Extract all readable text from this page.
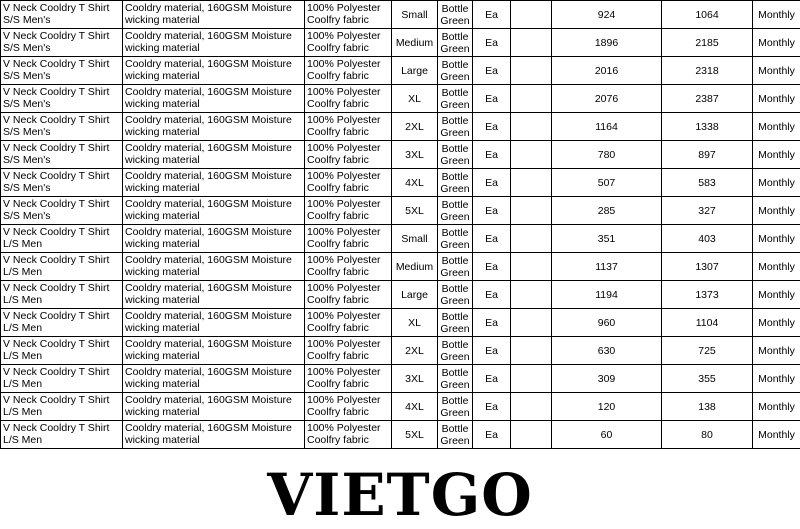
V Neck Cooldry T Shirt S/S Men's	Cooldry material, 160GSM Moisture wicking material	100% Polyester Coolfry fabric	Small	Bottle Green	Ea		924	1064	Monthly
V Neck Cooldry T Shirt S/S Men's	Cooldry material, 160GSM Moisture wicking material	100% Polyester Coolfry fabric	Medium	Bottle Green	Ea		1896	2185	Monthly
V Neck Cooldry T Shirt S/S Men's	Cooldry material, 160GSM Moisture wicking material	100% Polyester Coolfry fabric	Large	Bottle Green	Ea		2016	2318	Monthly
V Neck Cooldry T Shirt S/S Men's	Cooldry material, 160GSM Moisture wicking material	100% Polyester Coolfry fabric	XL	Bottle Green	Ea		2076	2387	Monthly
V Neck Cooldry T Shirt S/S Men's	Cooldry material, 160GSM Moisture wicking material	100% Polyester Coolfry fabric	2XL	Bottle Green	Ea		1164	1338	Monthly
V Neck Cooldry T Shirt S/S Men's	Cooldry material, 160GSM Moisture wicking material	100% Polyester Coolfry fabric	3XL	Bottle Green	Ea		780	897	Monthly
V Neck Cooldry T Shirt S/S Men's	Cooldry material, 160GSM Moisture wicking material	100% Polyester Coolfry fabric	4XL	Bottle Green	Ea		507	583	Monthly
V Neck Cooldry T Shirt S/S Men's	Cooldry material, 160GSM Moisture wicking material	100% Polyester Coolfry fabric	5XL	Bottle Green	Ea		285	327	Monthly
V Neck Cooldry T Shirt L/S Men	Cooldry material, 160GSM Moisture wicking material	100% Polyester Coolfry fabric	Small	Bottle Green	Ea		351	403	Monthly
V Neck Cooldry T Shirt L/S Men	Cooldry material, 160GSM Moisture wicking material	100% Polyester Coolfry fabric	Medium	Bottle Green	Ea		1137	1307	Monthly
V Neck Cooldry T Shirt L/S Men	Cooldry material, 160GSM Moisture wicking material	100% Polyester Coolfry fabric	Large	Bottle Green	Ea		1194	1373	Monthly
V Neck Cooldry T Shirt L/S Men	Cooldry material, 160GSM Moisture wicking material	100% Polyester Coolfry fabric	XL	Bottle Green	Ea		960	1104	Monthly
V Neck Cooldry T Shirt L/S Men	Cooldry material, 160GSM Moisture wicking material	100% Polyester Coolfry fabric	2XL	Bottle Green	Ea		630	725	Monthly
V Neck Cooldry T Shirt L/S Men	Cooldry material, 160GSM Moisture wicking material	100% Polyester Coolfry fabric	3XL	Bottle Green	Ea		309	355	Monthly
V Neck Cooldry T Shirt L/S Men	Cooldry material, 160GSM Moisture wicking material	100% Polyester Coolfry fabric	4XL	Bottle Green	Ea		120	138	Monthly
V Neck Cooldry T Shirt L/S Men	Cooldry material, 160GSM Moisture wicking material	100% Polyester Coolfry fabric	5XL	Bottle Green	Ea		60	80	Monthly
VIETGO
